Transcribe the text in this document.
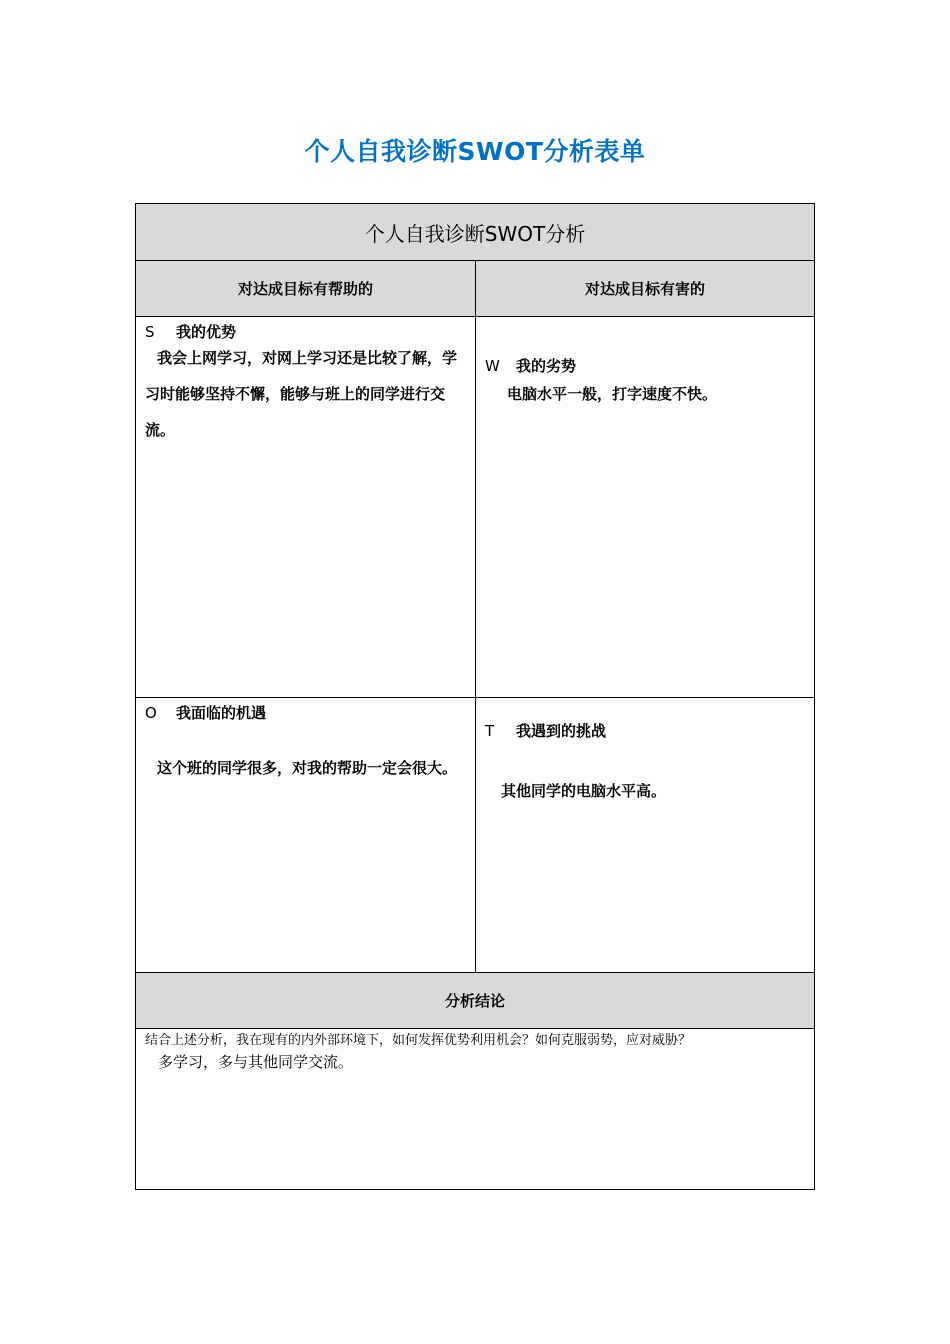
个人自我诊断SWOT分析表单
个人自我诊断SWOT分析
对达成目标有帮助的	对达成目标有害的
S 我的优势
我会上网学习，对网上学习还是比较了解，学习时能够坚持不懈，能够与班上的同学进行交流。
W 我的劣势
电脑水平一般，打字速度不快。
O 我面临的机遇
这个班的同学很多，对我的帮助一定会很大。
T 我遇到的挑战
其他同学的电脑水平高。
分析结论
结合上述分析，我在现有的内外部环境下，如何发挥优势利用机会？如何克服弱势，应对威胁？
多学习，多与其他同学交流。
